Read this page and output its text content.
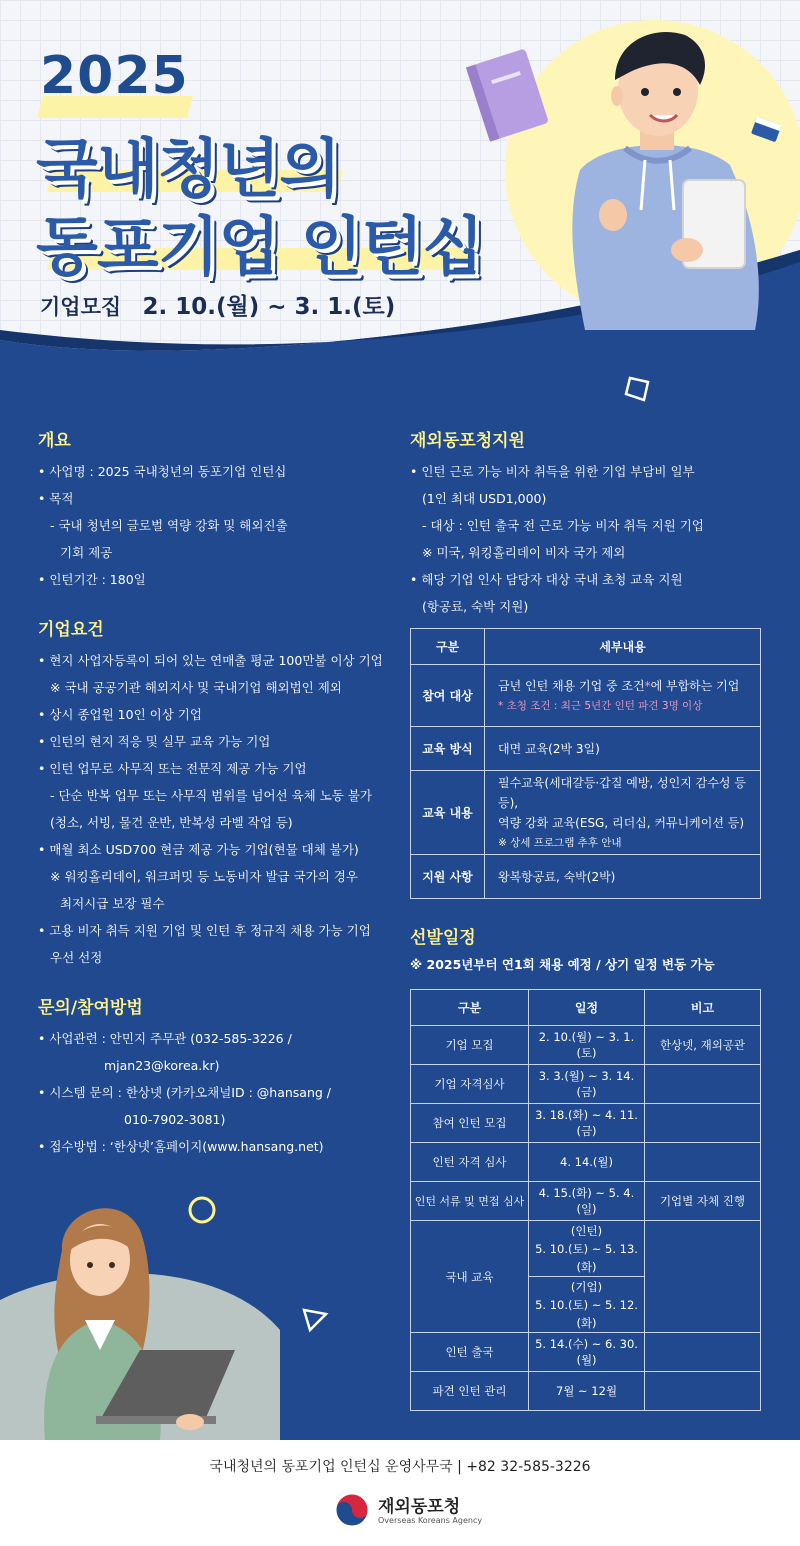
2025
국내청년의
동포기업 인턴십
기업모집 2. 10.(월) ~ 3. 1.(토)
개요
• 사업명 : 2025 국내청년의 동포기업 인턴십
• 목적
- 국내 청년의 글로벌 역량 강화 및 해외진출
기회 제공
• 인턴기간 : 180일
기업요건
• 현지 사업자등록이 되어 있는 연매출 평균 100만불 이상 기업
※ 국내 공공기관 해외지사 및 국내기업 해외법인 제외
• 상시 종업원 10인 이상 기업
• 인턴의 현지 적응 및 실무 교육 가능 기업
• 인턴 업무로 사무직 또는 전문직 제공 가능 기업
- 단순 반복 업무 또는 사무직 범위를 넘어선 육체 노동 불가
(청소, 서빙, 물건 운반, 반복성 라벨 작업 등)
• 매월 최소 USD700 현금 제공 가능 기업(현물 대체 불가)
※ 워킹홀리데이, 워크퍼밋 등 노동비자 발급 국가의 경우
최저시급 보장 필수
• 고용 비자 취득 지원 기업 및 인턴 후 정규직 채용 가능 기업
우선 선정
문의/참여방법
• 사업관련 : 안민지 주무관 (032-585-3226 /
mjan23@korea.kr)
• 시스템 문의 : 한상넷 (카카오채널ID : @hansang /
010-7902-3081)
• 접수방법 : ‘한상넷’홈페이지(www.hansang.net)
재외동포청지원
• 인턴 근로 가능 비자 취득을 위한 기업 부담비 일부
(1인 최대 USD1,000)
- 대상 : 인턴 출국 전 근로 가능 비자 취득 지원 기업
※ 미국, 워킹홀리데이 비자 국가 제외
• 해당 기업 인사 담당자 대상 국내 초청 교육 지원
(항공료, 숙박 지원)
구분	세부내용
참여 대상	금년 인턴 채용 기업 중 조건*에 부합하는 기업
* 초청 조건 : 최근 5년간 인턴 파견 3명 이상

교육 방식	대면 교육(2박 3일)
교육 내용	필수교육(세대갈등·갑질 예방, 성인지 감수성 등 등),
역량 강화 교육(ESG, 리더십, 커뮤니케이션 등)
※ 상세 프로그램 추후 안내

지원 사항	왕복항공료, 숙박(2박)
선발일정
※ 2025년부터 연1회 채용 예정 / 상기 일정 변동 가능
구분	일정	비고
기업 모집	2. 10.(월) ~ 3. 1.(토)	한상넷, 재외공관
기업 자격심사	3. 3.(월) ~ 3. 14.(금)	
참여 인턴 모집	3. 18.(화) ~ 4. 11.(금)	
인턴 자격 심사	4. 14.(월)	
인턴 서류 및 면접 심사	4. 15.(화) ~ 5. 4.(일)	기업별 자체 진행
국내 교육	(인턴)
5. 10.(토) ~ 5. 13.(화)	

	(기업)
5. 10.(토) ~ 5. 12.(화)	

인턴 출국	5. 14.(수) ~ 6. 30.(월)	
파견 인턴 관리	7월 ~ 12월	
국내청년의 동포기업 인턴십 운영사무국 | +82 32-585-3226
재외동포청
Overseas Koreans Agency
